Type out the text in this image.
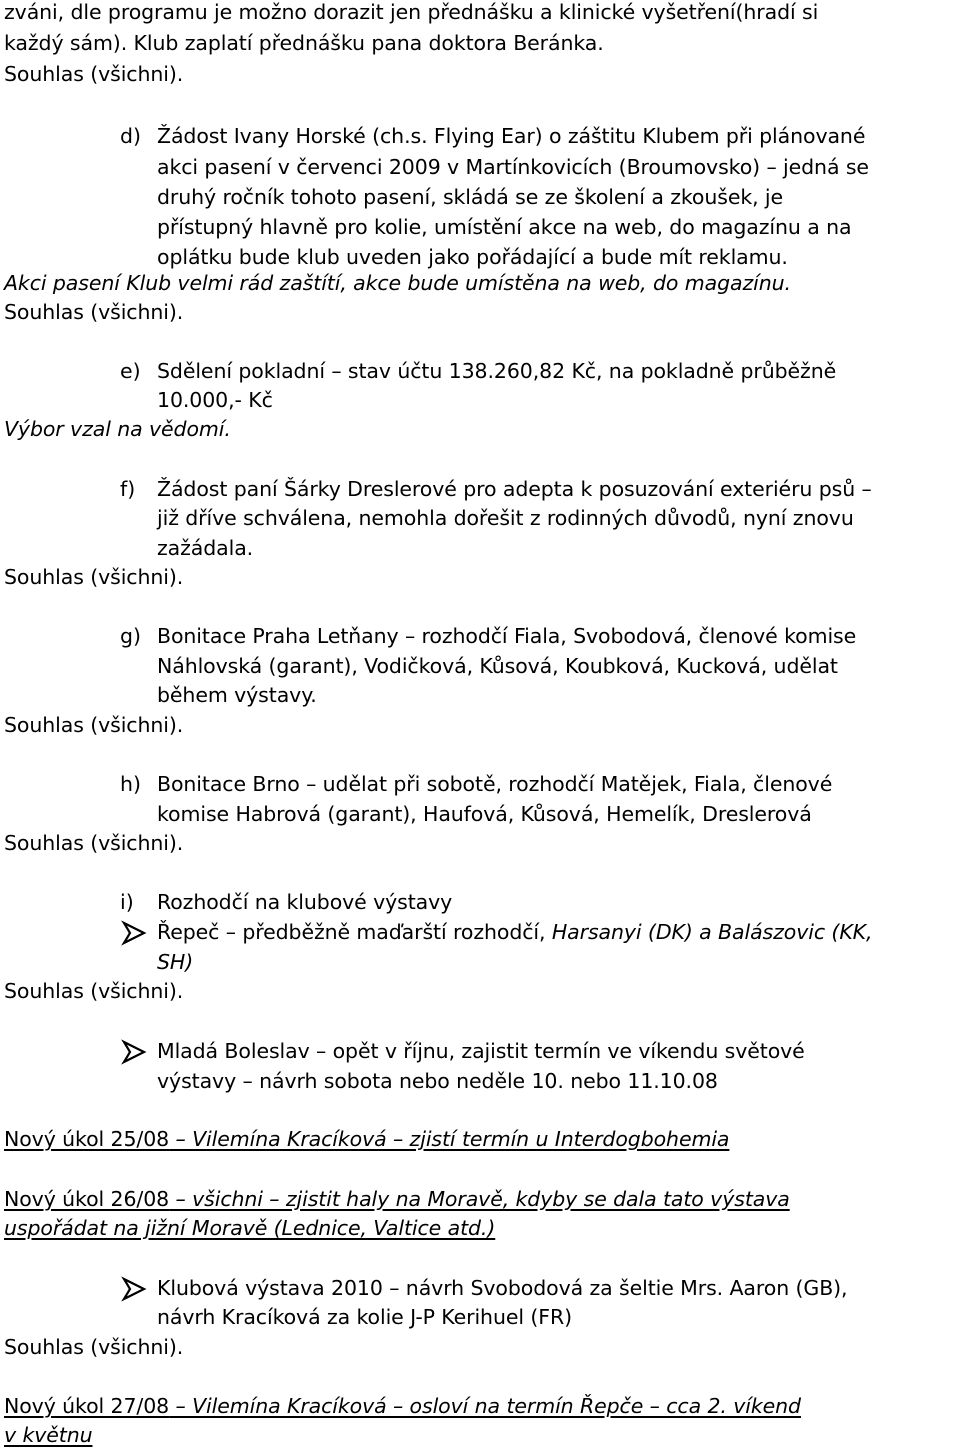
zváni, dle programu je možno dorazit jen přednášku a klinické vyšetření(hradí si
každý sám). Klub zaplatí přednášku pana doktora Beránka.
Souhlas (všichni).
d) Žádost Ivany Horské (ch.s. Flying Ear) o záštitu Klubem při plánované
akci pasení v červenci 2009 v Martínkovicích (Broumovsko) – jedná se
druhý ročník tohoto pasení, skládá se ze školení a zkoušek, je
přístupný hlavně pro kolie, umístění akce na web, do magazínu a na
oplátku bude klub uveden jako pořádající a bude mít reklamu.
Akci pasení Klub velmi rád zaštítí, akce bude umístěna na web, do magazínu.
Souhlas (všichni).
e) Sdělení pokladní – stav účtu 138.260,82 Kč, na pokladně průběžně
10.000,- Kč
Výbor vzal na vědomí.
f) Žádost paní Šárky Dreslerové pro adepta k posuzování exteriéru psů –
již dříve schválena, nemohla dořešit z rodinných důvodů, nyní znovu
zažádala.
Souhlas (všichni).
g) Bonitace Praha Letňany – rozhodčí Fiala, Svobodová, členové komise
Náhlovská (garant), Vodičková, Kůsová, Koubková, Kucková, udělat
během výstavy.
Souhlas (všichni).
h) Bonitace Brno – udělat při sobotě, rozhodčí Matějek, Fiala, členové
komise Habrová (garant), Haufová, Kůsová, Hemelík, Dreslerová
Souhlas (všichni).
i) Rozhodčí na klubové výstavy
Řepeč – předběžně maďarští rozhodčí, Harsanyi (DK) a Balászovic (KK,
SH)
Souhlas (všichni).
Mladá Boleslav – opět v říjnu, zajistit termín ve víkendu světové
výstavy – návrh sobota nebo neděle 10. nebo 11.10.08
Nový úkol 25/08 – Vilemína Kracíková – zjistí termín u Interdogbohemia
Nový úkol 26/08 – všichni – zjistit haly na Moravě, kdyby se dala tato výstava
uspořádat na jižní Moravě (Lednice, Valtice atd.)
Klubová výstava 2010 – návrh Svobodová za šeltie Mrs. Aaron (GB),
návrh Kracíková za kolie J-P Kerihuel (FR)
Souhlas (všichni).
Nový úkol 27/08 – Vilemína Kracíková – osloví na termín Řepče – cca 2. víkend
v květnu
